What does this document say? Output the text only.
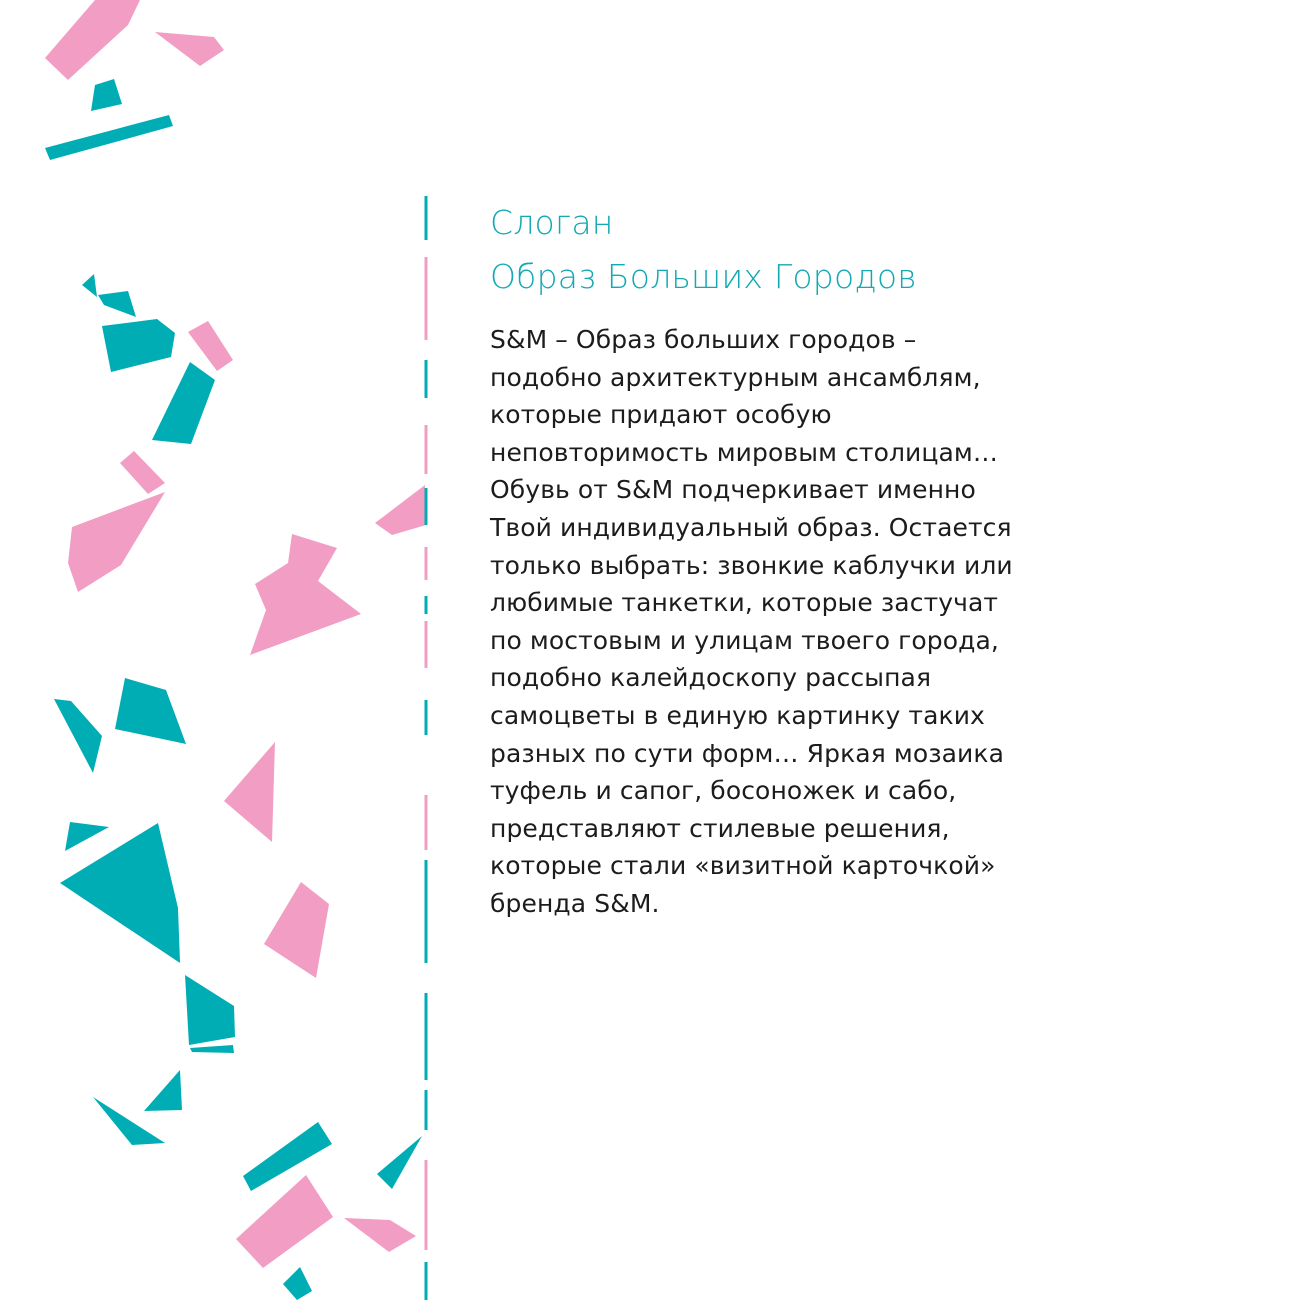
Слоган
Образ Больших Городов
S&M – Образ больших городов –
подобно архитектурным ансамблям,
которые придают особую
неповторимость мировым столицам…
Обувь от S&M подчеркивает именно
Твой индивидуальный образ. Остается
только выбрать: звонкие каблучки или
любимые танкетки, которые застучат
по мостовым и улицам твоего города,
подобно калейдоскопу рассыпая
самоцветы в единую картинку таких
разных по сути форм… Яркая мозаика
туфель и сапог, босоножек и сабо,
представляют стилевые решения,
которые стали «визитной карточкой»
бренда S&M.
